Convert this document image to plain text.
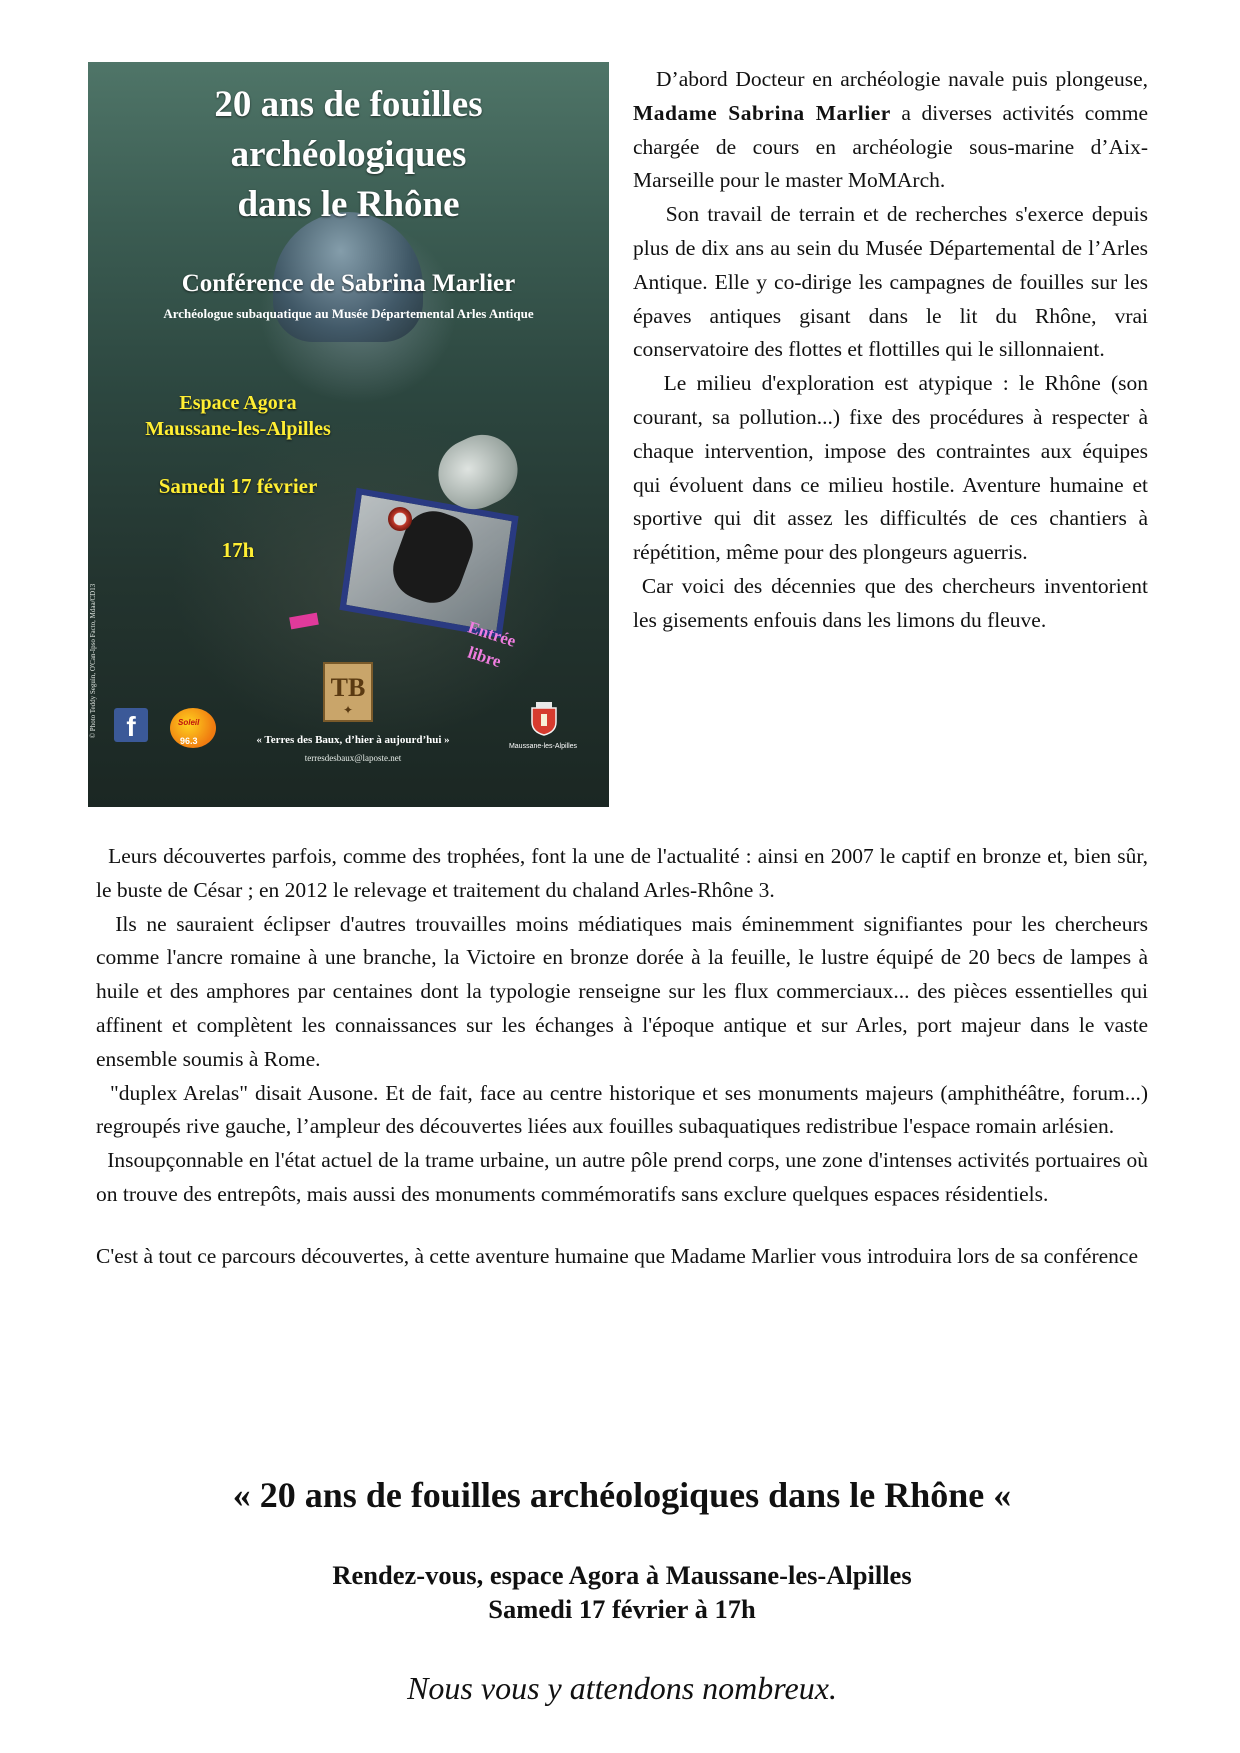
20 ans de fouilles
archéologiques
dans le Rhône
Conférence de Sabrina Marlier
Archéologue subaquatique au Musée Départemental Arles Antique
Espace Agora
Maussane-les-Alpilles
Samedi 17 février
17h
Entrée
libre
© Photo Teddy Seguin, O'Can-Ipso Facto, Mdaa/CD13	TB
✦
f	Soleil
96.3	« Terres des Baux, d’hier à aujourd’hui »
terresdesbaux@laposte.net
Maussane-les-Alpilles

D’abord Docteur en archéologie navale puis plongeuse, Madame Sabrina Marlier a diverses activités comme chargée de cours en archéologie sous-marine d’Aix-Marseille pour le master MoMArch.

Son travail de terrain et de recherches s'exerce depuis plus de dix ans au sein du Musée Départemental de l’Arles Antique. Elle y co-dirige les campagnes de fouilles sur les épaves antiques gisant dans le lit du Rhône, vrai conservatoire des flottes et flottilles qui le sillonnaient.

Le milieu d'exploration est atypique : le Rhône (son courant, sa pollution...) fixe des procédures à respecter à chaque intervention, impose des contraintes aux équipes qui évoluent dans ce milieu hostile. Aventure humaine et sportive qui dit assez les difficultés de ces chantiers à répétition, même pour des plongeurs aguerris.

Car voici des décennies que des chercheurs inventorient les gisements enfouis dans les limons du fleuve.

Leurs découvertes parfois, comme des trophées, font la une de l'actualité : ainsi en 2007 le captif en bronze et, bien sûr, le buste de César ; en 2012 le relevage et traitement du chaland Arles-Rhône 3.

Ils ne sauraient éclipser d'autres trouvailles moins médiatiques mais éminemment signifiantes pour les chercheurs comme l'ancre romaine à une branche, la Victoire en bronze dorée à la feuille, le lustre équipé de 20 becs de lampes à huile et des amphores par centaines dont la typologie renseigne sur les flux commerciaux... des pièces essentielles qui affinent et complètent les connaissances sur les échanges à l'époque antique et sur Arles, port majeur dans le vaste ensemble soumis à Rome.

"duplex Arelas" disait Ausone. Et de fait, face au centre historique et ses monuments majeurs (amphithéâtre, forum...) regroupés rive gauche, l’ampleur des découvertes liées aux fouilles subaquatiques redistribue l'espace romain arlésien.

Insoupçonnable en l'état actuel de la trame urbaine, un autre pôle prend corps, une zone d'intenses activités portuaires où on trouve des entrepôts, mais aussi des monuments commémoratifs sans exclure quelques espaces résidentiels.

C'est à tout ce parcours découvertes, à cette aventure humaine que Madame Marlier vous introduira lors de sa conférence

« 20 ans de fouilles archéologiques dans le Rhône «
Rendez-vous, espace Agora à Maussane-les-Alpilles
Samedi 17 février à 17h
Nous vous y attendons nombreux.
